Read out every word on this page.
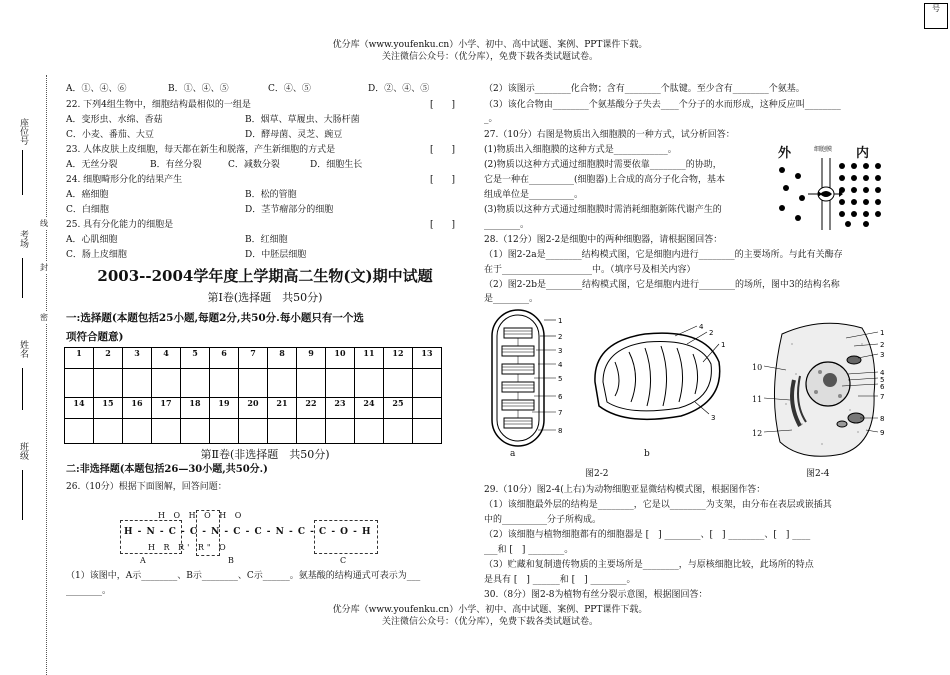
优分库（www.youfenku.cn）小学、初中、高中试题、案例、PPT课件下载。
关注微信公众号：（优分库），免费下载各类试题试卷。
号
座位号
考场
姓名
班级
线
封
密
A．①、④、⑥	B．①、④、⑤	C．④、⑤	D．②、④、⑤
22. 下列4组生物中，细胞结构最相似的一组是	[　　]
A．变形虫、水绵、香菇	B．烟草、草履虫、大肠杆菌
C．小麦、番茄、大豆	D．酵母菌、灵芝、豌豆
23. 人体皮肤上皮细胞，每天都在新生和脱落，产生新细胞的方式是	[　　]
A．无丝分裂	B．有丝分裂	C．减数分裂	D．细胞生长
24. 细胞畸形分化的结果产生	[　　]
A．癌细胞	B．松的管胞
C．白细胞	D．茎节瘤部分的细胞
25. 具有分化能力的细胞是	[　　]
A．心肌细胞	B．红细胞
C．肠上皮细胞	D．中胚层细胞
2003--2004学年度上学期高二生物(文)期中试题
第Ⅰ卷(选择题　共50分)
一:选择题(本题包括25小题,每题2分,共50分.每小题只有一个选
项符合题意)
1	2	3	4	5	6	7	8	9	10	11	12	13

14	15	16	17	18	19	20	21	22	23	24	25	

第Ⅱ卷(非选择题　共50分)
二:非选择题(本题包括26—30小题,共50分.)
26.（10分）根据下面图解，回答问题：
H O H O H O
H - N - C - C - N - C - C - N - C - C - O - H
H R R' R" O
A	B	C
（1）该图中，A示________、B示________、C示______。氨基酸的结构通式可表示为___
________。
（2）该图示________化合物；含有________个肽键。至少含有________个氨基。
（3）该化合物由________个氨基酸分子失去____个分子的水而形成，这种反应叫________
_。
27.（10分）右图是物质出入细胞膜的一种方式，试分析回答：
(1)物质出入细胞膜的这种方式是____________。
(2)物质以这种方式通过细胞膜时需要依靠________的协助，
它是一种在__________(细胞器)上合成的高分子化合物，基本
组成单位是__________。
(3)物质以这种方式通过细胞膜时需消耗细胞新陈代谢产生的
________。
外	内
细胞膜
28.（12分）图2-2是细胞中的两种细胞器，请根据图回答：
（1）图2-2a是________结构模式图，它是细胞内进行________的主要场所。与此有关酶存
在于____________________中。（填序号及相关内容）
（2）图2-2b是________结构模式图，它是细胞内进行________的场所，图中3的结构名称
是________。
1
2
3
4
5
6
7
8
a
4
2
1
3
b
1
2
3
4
5
6
7
8
9
10
11
12
图2-2	图2-4
29.（10分）图2-4(上右)为动物细胞亚显微结构模式图，根据图作答：
（1）该细胞最外层的结构是________，它是以________为支架，由分布在表层或嵌插其
中的__________分子所构成。
（2）该细胞与植物细胞都有的细胞器是 [　] ________、[　] ________、[　] ____
___和 [　] ________。
（3）贮藏和复制遗传物质的主要场所是________，与原核细胞比较，此场所的特点
是具有 [　] ______和 [　] ________。
30.（8分）图2-8为植物有丝分裂示意图，根据图回答：
优分库（www.youfenku.cn）小学、初中、高中试题、案例、PPT课件下载。
关注微信公众号：（优分库），免费下载各类试题试卷。
